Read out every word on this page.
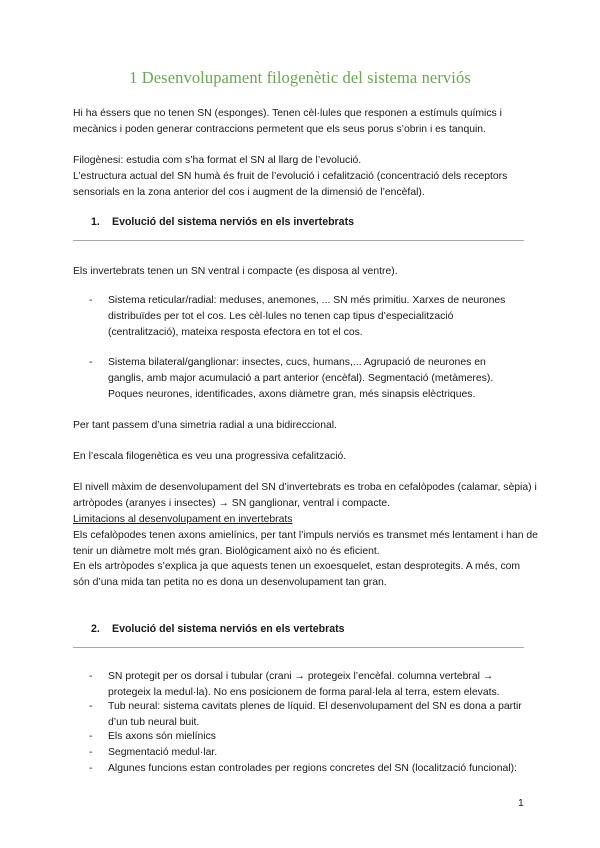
1 Desenvolupament filogenètic del sistema nerviós
Hi ha éssers que no tenen SN (esponges). Tenen cèl·lules que responen a estímuls químics i mecànics i poden generar contraccions permetent que els seus porus s’obrin i es tanquin.
Filogènesi: estudia com s’ha format el SN al llarg de l’evolució.
L’estructura actual del SN humà és fruit de l’evolució i cefalització (concentració dels receptors sensorials en la zona anterior del cos i augment de la dimensió de l’encèfal).
1. Evolució del sistema nerviós en els invertebrats
Els invertebrats tenen un SN ventral i compacte (es disposa al ventre).
- Sistema reticular/radial: meduses, anemones, ... SN més primitiu. Xarxes de neurones distribuïdes per tot el cos. Les cèl·lules no tenen cap tipus d’especialització (centralització), mateixa resposta efectora en tot el cos.
- Sistema bilateral/ganglionar: insectes, cucs, humans,... Agrupació de neurones en ganglis, amb major acumulació a part anterior (encèfal). Segmentació (metàmeres). Poques neurones, identificades, axons diàmetre gran, més sinapsis elèctriques.
Per tant passem d’una simetria radial a una bidireccional.
En l’escala filogenètica es veu una progressiva cefalització.
El nivell màxim de desenvolupament del SN d’invertebrats es troba en cefalòpodes (calamar, sèpia) i artròpodes (aranyes i insectes) → SN ganglionar, ventral i compacte.
Limitacions al desenvolupament en invertebrats
Els cefalòpodes tenen axons amielínics, per tant l’impuls nerviós es transmet més lentament i han de tenir un diàmetre molt més gran. Biològicament això no és eficient.
En els artròpodes s’explica ja que aquests tenen un exoesquelet, estan desprotegits. A més, com són d’una mida tan petita no es dona un desenvolupament tan gran.
2. Evolució del sistema nerviós en els vertebrats
- SN protegit per os dorsal i tubular (crani → protegeix l’encèfal. columna vertebral → protegeix la medul·la). No ens posicionem de forma paral·lela al terra, estem elevats.
- Tub neural: sistema cavitats plenes de líquid. El desenvolupament del SN es dona a partir d’un tub neural buit.
- Els axons són mielínics
- Segmentació medul·lar.
- Algunes funcions estan controlades per regions concretes del SN (localització funcional):
1
